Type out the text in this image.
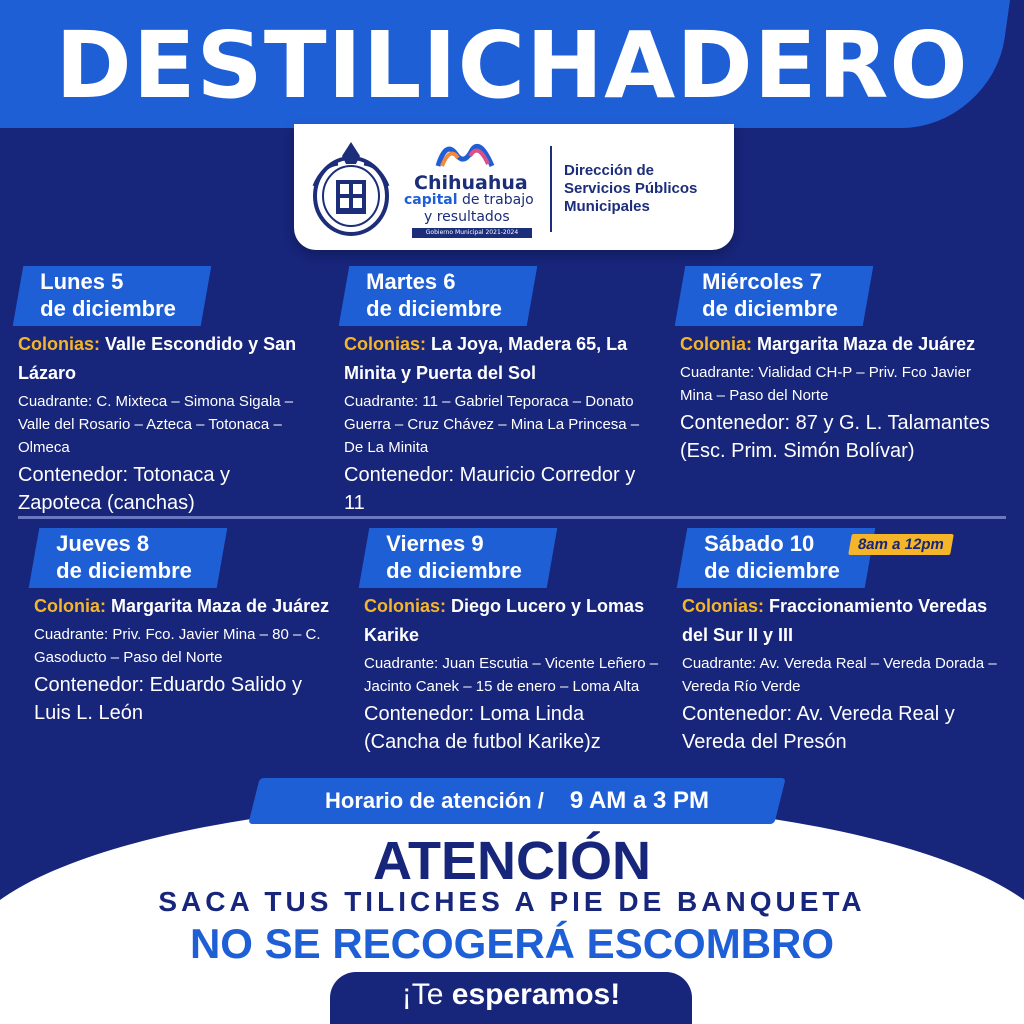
DESTILICHADERO
Chihuahua
capital de trabajo
y resultados
Gobierno Municipal 2021-2024
Dirección de Servicios Públicos Municipales
Lunes 5
de diciembre
Colonias: Valle Escondido y San Lázaro
Cuadrante: C. Mixteca – Simona Sigala – Valle del Rosario – Azteca – Totonaca – Olmeca
Contenedor: Totonaca y Zapoteca (canchas)
Martes 6
de diciembre
Colonias: La Joya, Madera 65, La Minita y Puerta del Sol
Cuadrante: 11 – Gabriel Teporaca – Donato Guerra – Cruz Chávez – Mina La Princesa – De La Minita
Contenedor: Mauricio Corredor y 11
Miércoles 7
de diciembre
Colonia: Margarita Maza de Juárez
Cuadrante: Vialidad CH-P – Priv. Fco Javier Mina – Paso del Norte
Contenedor: 87 y G. L. Talamantes (Esc. Prim. Simón Bolívar)
Jueves 8
de diciembre
Colonia: Margarita Maza de Juárez
Cuadrante: Priv. Fco. Javier Mina – 80 – C. Gasoducto – Paso del Norte
Contenedor: Eduardo Salido y Luis L. León
Viernes 9
de diciembre
Colonias: Diego Lucero y Lomas Karike
Cuadrante: Juan Escutia – Vicente Leñero – Jacinto Canek – 15 de enero – Loma Alta
Contenedor: Loma Linda (Cancha de futbol Karike)z
Sábado 10
de diciembre
8am a 12pm
Colonias: Fraccionamiento Veredas del Sur II y III
Cuadrante: Av. Vereda Real – Vereda Dorada – Vereda Río Verde
Contenedor: Av. Vereda Real y Vereda del Presón
Horario de atención / 9 AM a 3 PM
ATENCIÓN
SACA TUS TILICHES A PIE DE BANQUETA
NO SE RECOGERÁ ESCOMBRO
¡Te esperamos!
